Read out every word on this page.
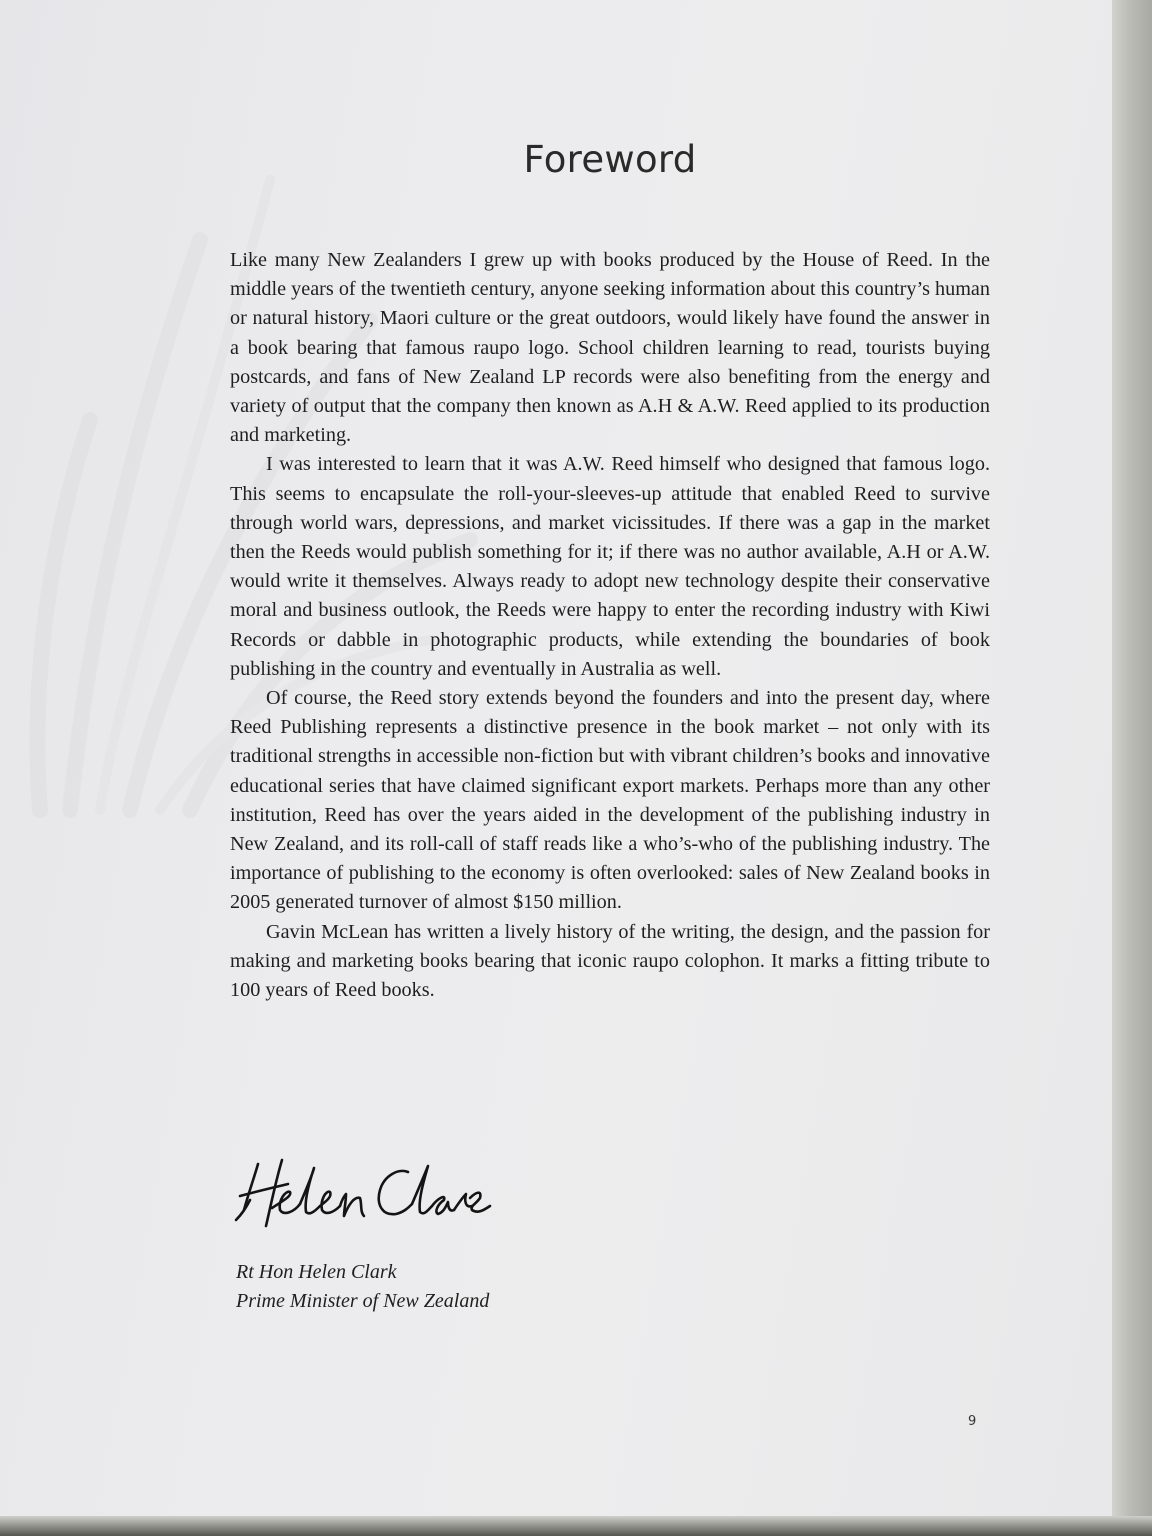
Foreword

Like many New Zealanders I grew up with books produced by the House of Reed. In the middle years of the twentieth century, anyone seeking information about this country’s human or natural history, Maori culture or the great outdoors, would likely have found the answer in a book bearing that famous raupo logo. School children learning to read, tourists buying postcards, and fans of New Zealand LP records were also benefiting from the energy and variety of output that the company then known as A.H & A.W. Reed applied to its production and marketing.

I was interested to learn that it was A.W. Reed himself who designed that famous logo. This seems to encapsulate the roll-your-sleeves-up attitude that enabled Reed to survive through world wars, depressions, and market vicissitudes. If there was a gap in the market then the Reeds would publish something for it; if there was no author available, A.H or A.W. would write it themselves. Always ready to adopt new technology despite their conservative moral and business outlook, the Reeds were happy to enter the recording industry with Kiwi Records or dabble in photographic products, while extending the boundaries of book publishing in the country and eventually in Australia as well.

Of course, the Reed story extends beyond the founders and into the present day, where Reed Publishing represents a distinctive presence in the book market – not only with its traditional strengths in accessible non-fiction but with vibrant children’s books and innovative educational series that have claimed significant export markets. Perhaps more than any other institution, Reed has over the years aided in the development of the publishing industry in New Zealand, and its roll-call of staff reads like a who’s-who of the publishing industry. The importance of publishing to the economy is often overlooked: sales of New Zealand books in 2005 generated turnover of almost $150 million.

Gavin McLean has written a lively history of the writing, the design, and the passion for making and marketing books bearing that iconic raupo colophon. It marks a fitting tribute to 100 years of Reed books.

Rt Hon Helen Clark
Prime Minister of New Zealand
9
